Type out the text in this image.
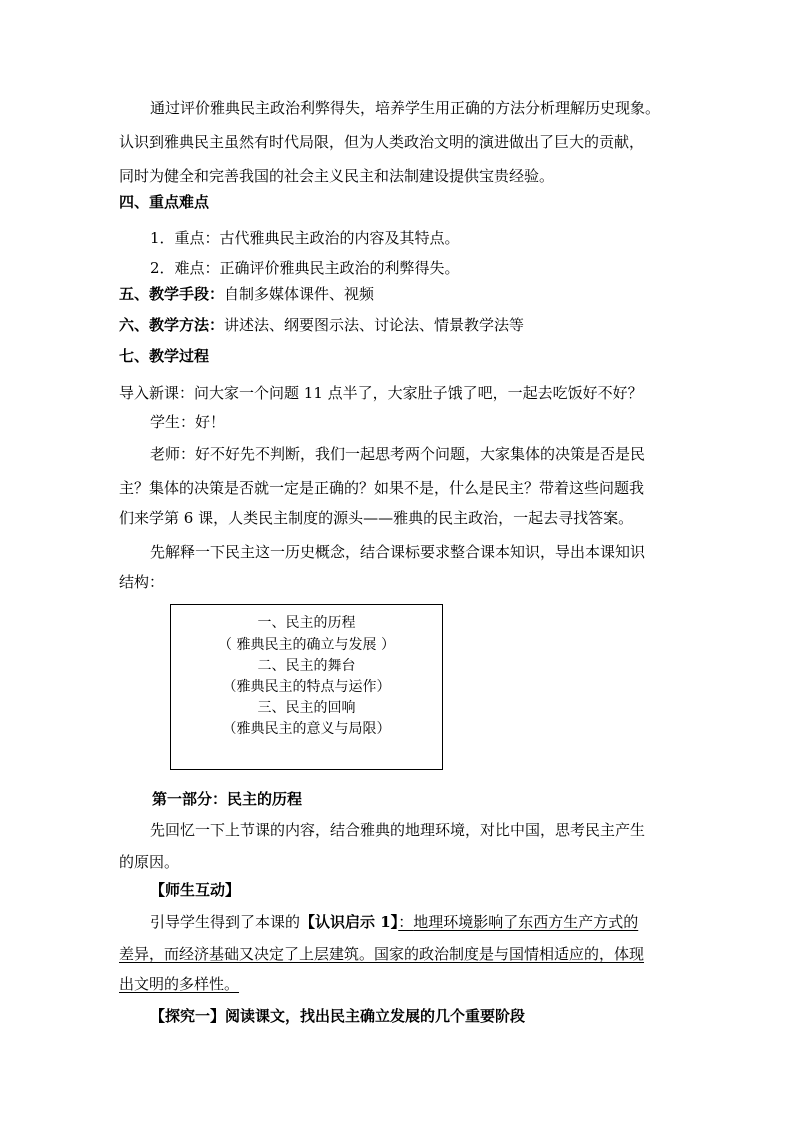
通过评价雅典民主政治利弊得失，培养学生用正确的方法分析理解历史现象。
认识到雅典民主虽然有时代局限，但为人类政治文明的演进做出了巨大的贡献，
同时为健全和完善我国的社会主义民主和法制建设提供宝贵经验。
四、重点难点
1．重点：古代雅典民主政治的内容及其特点。
2．难点：正确评价雅典民主政治的利弊得失。
五、教学手段：自制多媒体课件、视频
六、教学方法：讲述法、纲要图示法、讨论法、情景教学法等
七、教学过程
导入新课：问大家一个问题 11 点半了，大家肚子饿了吧，一起去吃饭好不好？
学生：好！
老师：好不好先不判断，我们一起思考两个问题，大家集体的决策是否是民
主？集体的决策是否就一定是正确的？如果不是，什么是民主？带着这些问题我
们来学第 6 课，人类民主制度的源头——雅典的民主政治，一起去寻找答案。
先解释一下民主这一历史概念，结合课标要求整合课本知识，导出本课知识
结构：
一、民主的历程
（ 雅典民主的确立与发展 ）
二、民主的舞台
（雅典民主的特点与运作）
三、民主的回响
（雅典民主的意义与局限）
第一部分：民主的历程
先回忆一下上节课的内容，结合雅典的地理环境，对比中国，思考民主产生
的原因。
【师生互动】
引导学生得到了本课的【认识启示 1】：地理环境影响了东西方生产方式的
差异，而经济基础又决定了上层建筑。国家的政治制度是与国情相适应的，体现
出文明的多样性。
【探究一】阅读课文，找出民主确立发展的几个重要阶段
